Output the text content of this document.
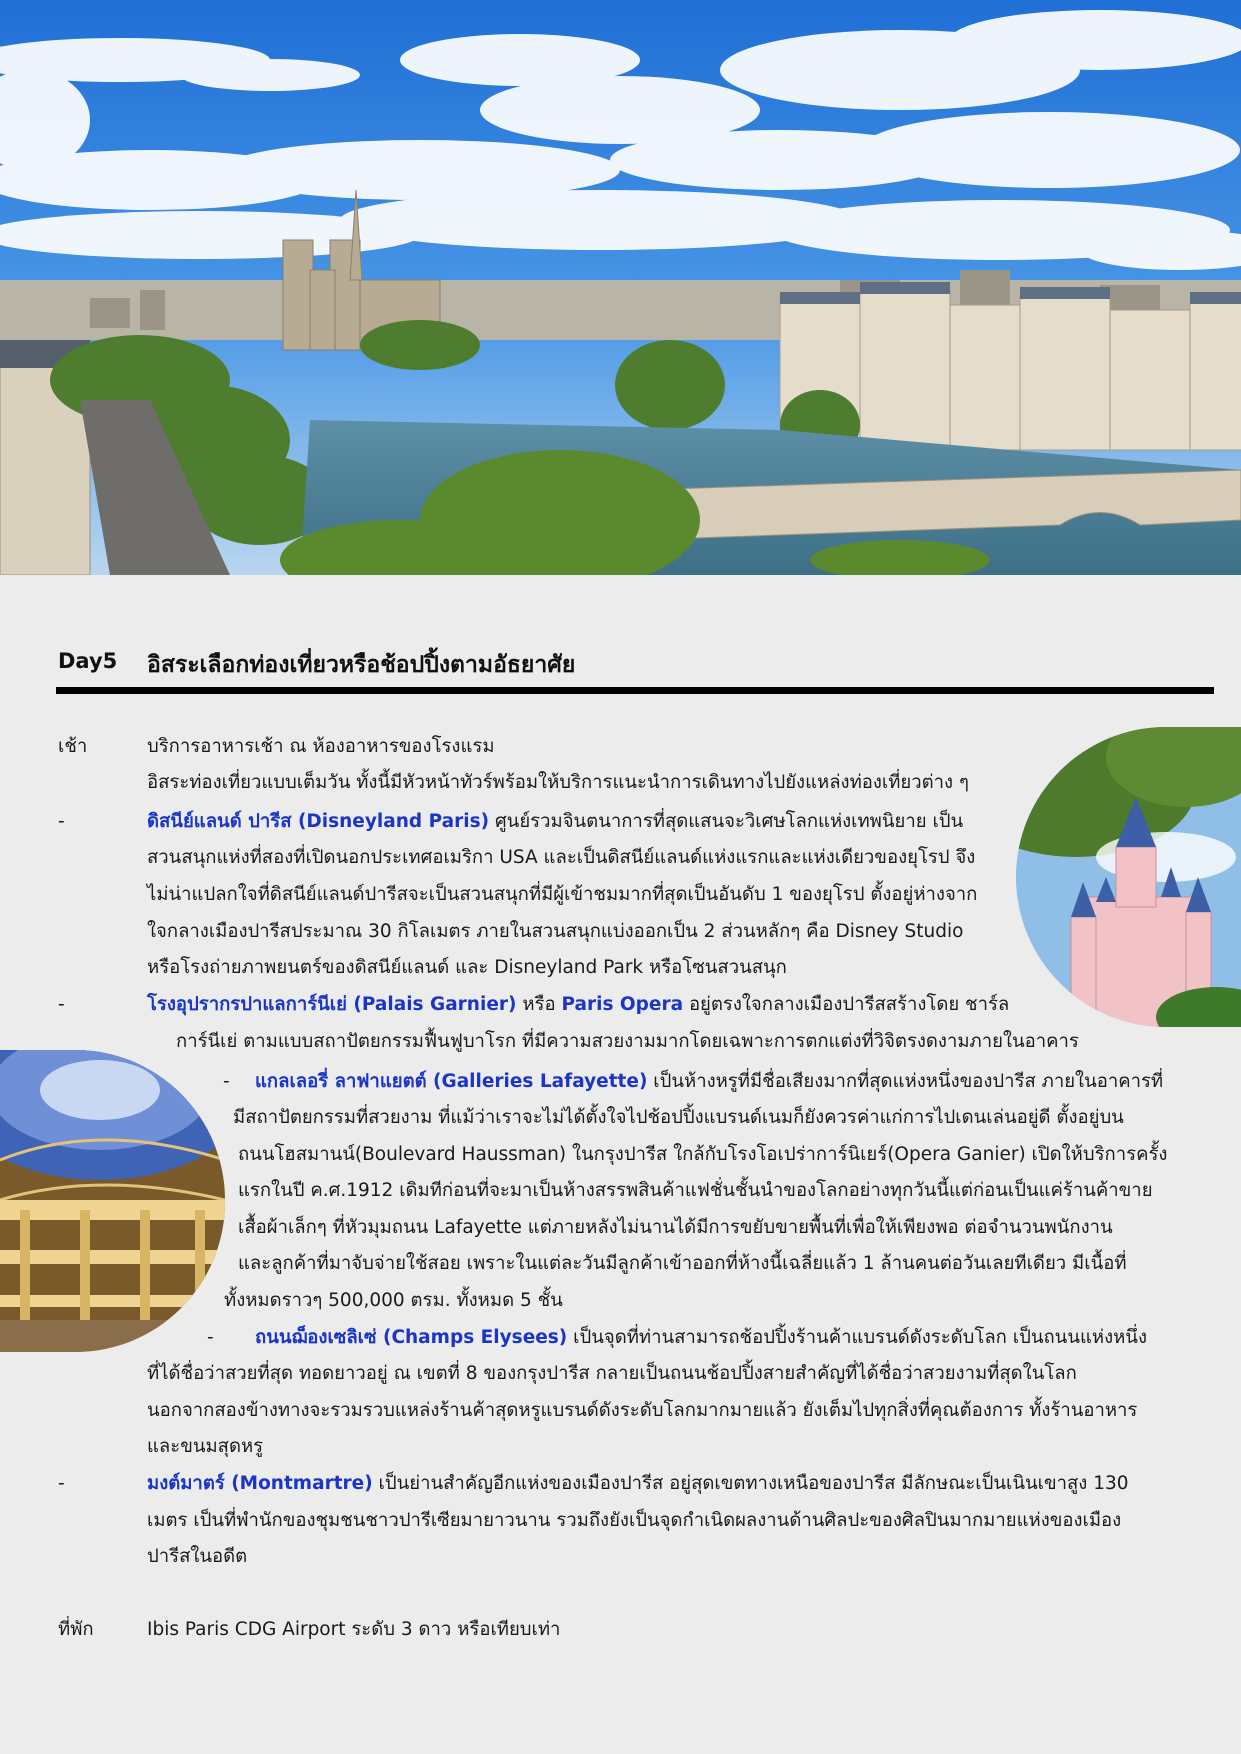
Day5 อิสระเลือกท่องเที่ยวหรือช้อปปิ้งตามอัธยาศัย
เช้า	บริการอาหารเช้า ณ ห้องอาหารของโรงแรม
อิสระท่องเที่ยวแบบเต็มวัน ทั้งนี้มีหัวหน้าทัวร์พร้อมให้บริการแนะนำการเดินทางไปยังแหล่งท่องเที่ยวต่าง ๆ
-	ดิสนีย์แลนด์ ปารีส (Disneyland Paris) ศูนย์รวมจินตนาการที่สุดแสนจะวิเศษโลกแห่งเทพนิยาย เป็น
สวนสนุกแห่งที่สองที่เปิดนอกประเทศอเมริกา USA และเป็นดิสนีย์แลนด์แห่งแรกและแห่งเดียวของยุโรป จึง
ไม่น่าแปลกใจที่ดิสนีย์แลนด์ปารีสจะเป็นสวนสนุกที่มีผู้เข้าชมมากที่สุดเป็นอันดับ 1 ของยุโรป ตั้งอยู่ห่างจาก
ใจกลางเมืองปารีสประมาณ 30 กิโลเมตร ภายในสวนสนุกแบ่งออกเป็น 2 ส่วนหลักๆ คือ Disney Studio
หรือโรงถ่ายภาพยนตร์ของดิสนีย์แลนด์ และ Disneyland Park หรือโซนสวนสนุก
-	โรงอุปรากรปาแลการ์นีเย่ (Palais Garnier) หรือ Paris Opera อยู่ตรงใจกลางเมืองปารีสสร้างโดย ชาร์ล
การ์นีเย่ ตามแบบสถาปัตยกรรมฟื้นฟูบาโรก ที่มีความสวยงามมากโดยเฉพาะการตกแต่งที่วิจิตรงดงามภายในอาคาร
- แกลเลอรี่ ลาฟาแยตต์ (Galleries Lafayette) เป็นห้างหรูที่มีชื่อเสียงมากที่สุดแห่งหนึ่งของปารีส ภายในอาคารที่
มีสถาปัตยกรรมที่สวยงาม ที่แม้ว่าเราจะไม่ได้ตั้งใจไปช้อปปิ้งแบรนด์เนมก็ยังควรค่าแก่การไปเดนเล่นอยู่ดี ตั้งอยู่บน
ถนนโฮสมานน์(Boulevard Haussman) ในกรุงปารีส ใกล้กับโรงโอเปร่าการ์นิเยร์(Opera Ganier) เปิดให้บริการครั้ง
แรกในปี ค.ศ.1912 เดิมทีก่อนที่จะมาเป็นห้างสรรพสินค้าแฟชั่นชั้นนำของโลกอย่างทุกวันนี้แต่ก่อนเป็นแค่ร้านค้าขาย
เสื้อผ้าเล็กๆ ที่หัวมุมถนน Lafayette แต่ภายหลังไม่นานได้มีการขยับขายพื้นที่เพื่อให้เพียงพอ ต่อจำนวนพนักงาน
และลูกค้าที่มาจับจ่ายใช้สอย เพราะในแต่ละวันมีลูกค้าเข้าออกที่ห้างนี้เฉลี่ยแล้ว 1 ล้านคนต่อวันเลยทีเดียว มีเนื้อที่
ทั้งหมดราวๆ 500,000 ตรม. ทั้งหมด 5 ชั้น
- ถนนฌ็องเซลิเซ่ (Champs Elysees) เป็นจุดที่ท่านสามารถช้อปปิ้งร้านค้าแบรนด์ดังระดับโลก เป็นถนนแห่งหนึ่ง
ที่ได้ชื่อว่าสวยที่สุด ทอดยาวอยู่ ณ เขตที่ 8 ของกรุงปารีส กลายเป็นถนนช้อปปิ้งสายสำคัญที่ได้ชื่อว่าสวยงามที่สุดในโลก
นอกจากสองข้างทางจะรวมรวบแหล่งร้านค้าสุดหรูแบรนด์ดังระดับโลกมากมายแล้ว ยังเต็มไปทุกสิ่งที่คุณต้องการ ทั้งร้านอาหาร
และขนมสุดหรู
-	มงต์มาตร์ (Montmartre) เป็นย่านสำคัญอีกแห่งของเมืองปารีส อยู่สุดเขตทางเหนือของปารีส มีลักษณะเป็นเนินเขาสูง 130
เมตร เป็นที่พำนักของชุมชนชาวปารีเซียมายาวนาน รวมถึงยังเป็นจุดกำเนิดผลงานด้านศิลปะของศิลปินมากมายแห่งของเมือง
ปารีสในอดีต
ที่พัก	Ibis Paris CDG Airport ระดับ 3 ดาว หรือเทียบเท่า
